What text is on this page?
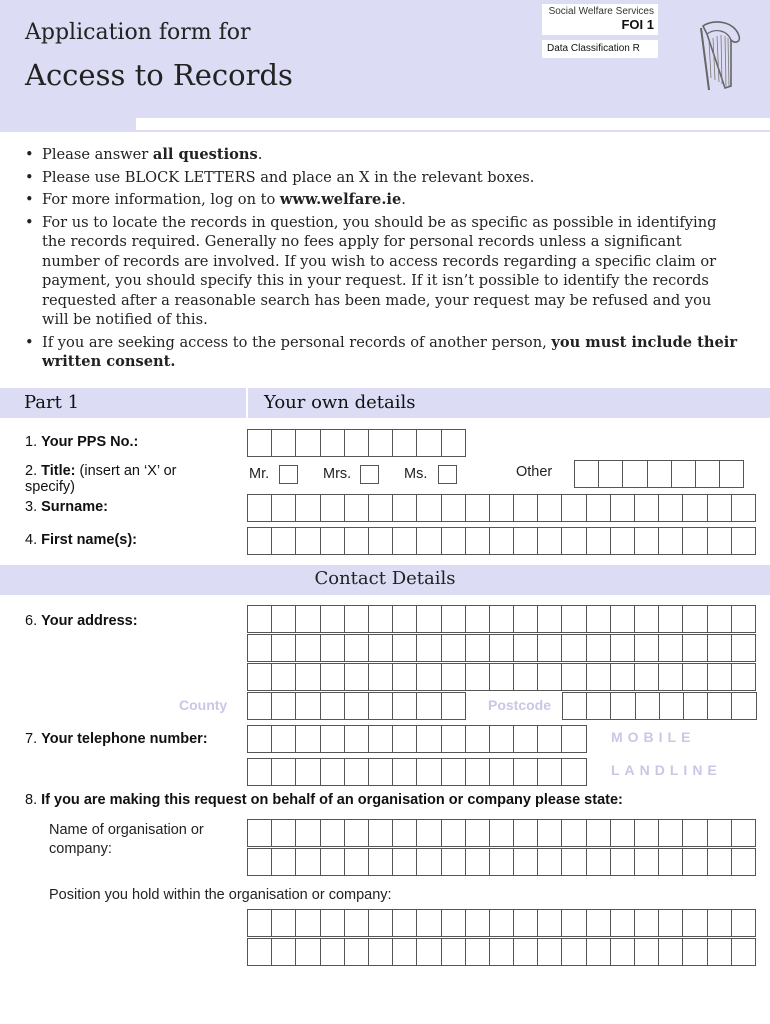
Application form for
Access to Records
Social Welfare Services
FOI 1
Data Classification R
• Please answer all questions.
• Please use BLOCK LETTERS and place an X in the relevant boxes.
• For more information, log on to www.welfare.ie.
• For us to locate the records in question, you should be as specific as possible in identifying the records required. Generally no fees apply for personal records unless a significant number of records are involved. If you wish to access records regarding a specific claim or payment, you should specify this in your request. If it isn’t possible to identify the records requested after a reasonable search has been made, your request may be refused and you will be notified of this.
• If you are seeking access to the personal records of another person, you must include their written consent.
Part 1	Your own details
1. Your PPS No.:
2. Title: (insert an ‘X’ or specify)
Mr.	Mrs.	Ms.	Other
3. Surname:
4. First name(s):
Contact Details
6. Your address:
County	Postcode
7. Your telephone number:	MOBILE
LANDLINE
8. If you are making this request on behalf of an organisation or company please state:
Name of organisation or company:
Position you hold within the organisation or company:
